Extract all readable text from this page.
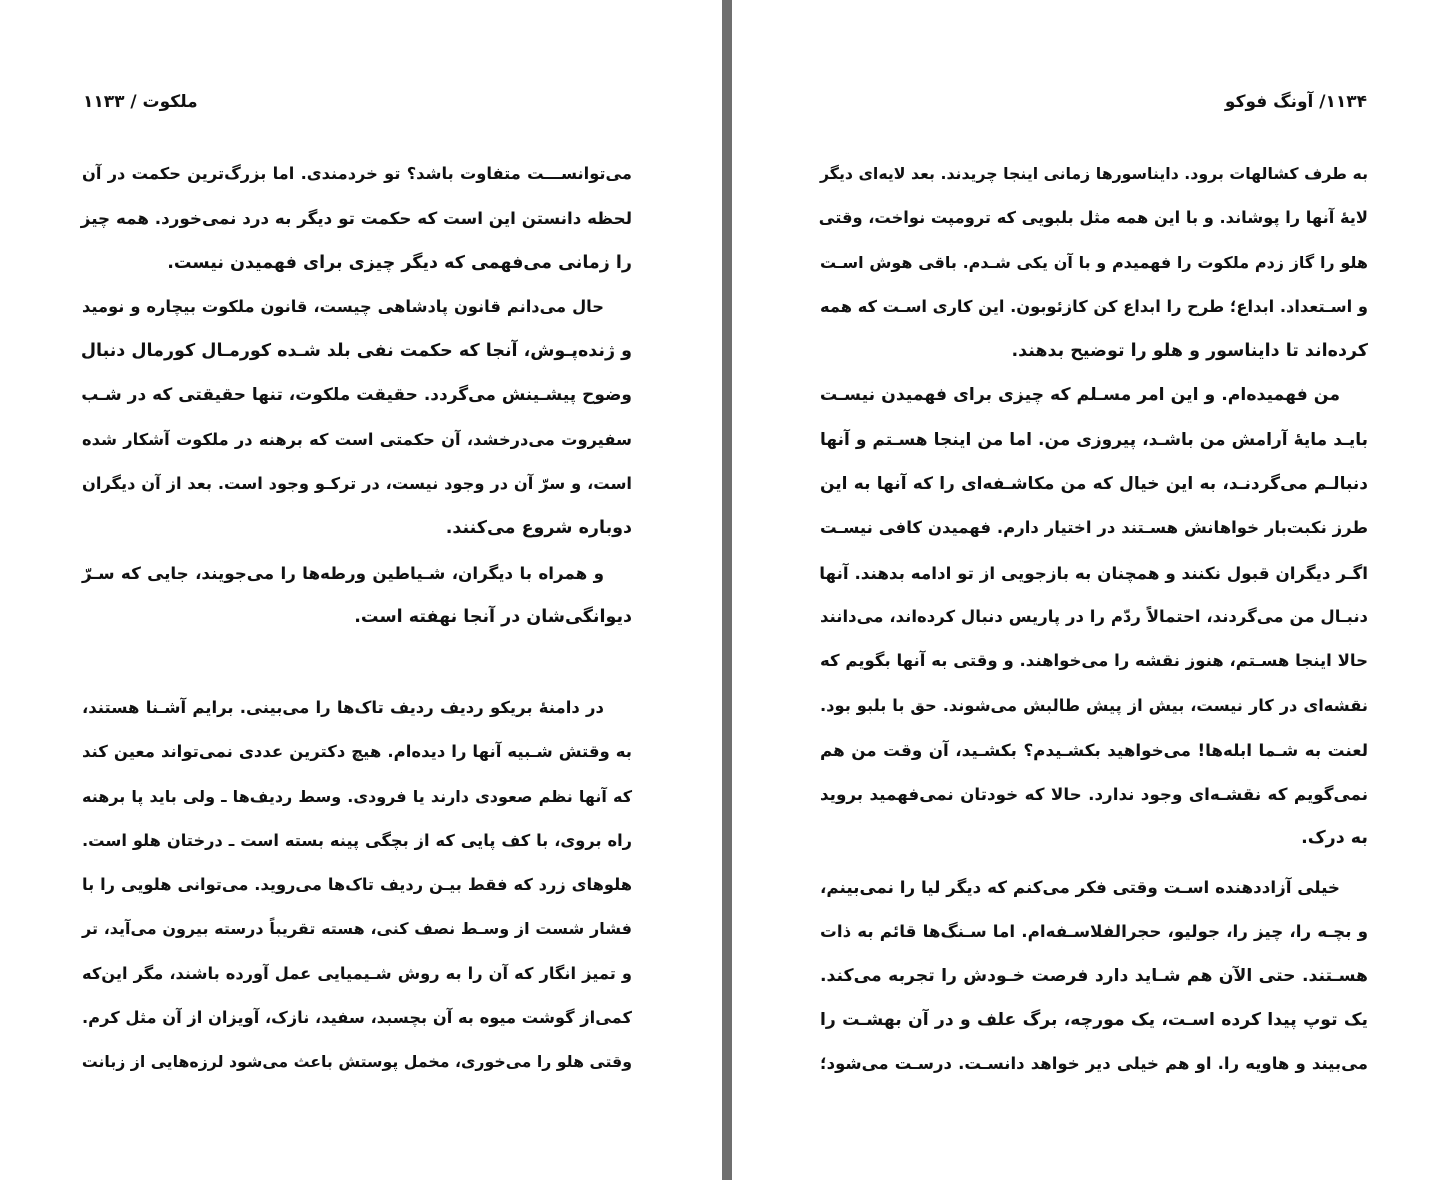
ملکوت / ۱۱۳۳
می‌توانســـت متفاوت باشد؟ تو خردمندی. اما بزرگ‌ترین حکمت در آن
لحظه دانستن این است که حکمت تو دیگر به درد نمی‌خورد. همه چیز
را زمانی می‌فهمی که دیگر چیزی برای فهمیدن نیست.
حال می‌دانم قانون پادشاهی چیست، قانون ملکوت بیچاره و نومید
و ژنده‌پـوش، آنجا که حکمت نفی بلد شـده کورمـال کورمال دنبال
وضوح پیشـینش می‌گردد. حقیقت ملکوت، تنها حقیقتی که در شـب
سفیروت می‌درخشد، آن حکمتی است که برهنه در ملکوت آشکار شده
است، و سرّ آن در وجود نیست، در ترکـو وجود است. بعد از آن دیگران
دوباره شروع می‌کنند.
و همراه با دیگران، شـیاطین ورطه‌ها را می‌جویند، جایی که سـرّ
دیوانگی‌شان در آنجا نهفته است.
در دامنهٔ بریکو ردیف ردیف تاک‌ها را می‌بینی. برایم آشـنا هستند،
به وقتش شـبیه آنها را دیده‌ام. هیچ دکترین عددی نمی‌تواند معین کند
که آنها نظم صعودی دارند یا فرودی. وسط ردیف‌ها ـ ولی باید پا برهنه
راه بروی، با کف پایی که از بچگی پینه بسته است ـ درختان هلو است.
هلوهای زرد که فقط بیـن ردیف تاک‌ها می‌روید. می‌توانی هلویی را با
فشار شست از وسـط نصف کنی، هسته تقریباً درسته بیرون می‌آید، تر
و تمیز انگار که آن را به روش شـیمیایی عمل آورده باشند، مگر این‌که
کمی‌از گوشت میوه به آن بچسبد، سفید، نازک، آویزان از آن مثل کرم.
وقتی هلو را می‌خوری، مخمل پوستش باعث می‌شود لرزه‌هایی از زبانت
۱۱۳۴/ آونگ فوکو
به طرف کشالهات برود. دایناسورها زمانی اینجا چریدند. بعد لایه‌ای دیگر
لایهٔ آنها را پوشاند. و با این همه مثل بلبویی که ترومپت نواخت، وقتی
هلو را گاز زدم ملکوت را فهمیدم و با آن یکی شـدم. باقی هوش اسـت
و اسـتعداد. ابداع؛ طرح را ابداع کن کازئوبون. این کاری اسـت که همه
کرده‌اند تا دایناسور و هلو را توضیح بدهند.
من فهمیده‌ام. و این امر مسـلم که چیزی برای فهمیدن نیسـت
بایـد مایهٔ آرامش من باشـد، پیروزی من. اما من اینجا هسـتم و آنها
دنبالـم می‌گردنـد، به این خیال که من مکاشـفه‌ای را که آنها به این
طرز نکبت‌بار خواهانش هسـتند در اختیار دارم. فهمیدن کافی نیسـت
اگـر دیگران قبول نکنند و همچنان به بازجویی از تو ادامه بدهند. آنها
دنبـال من می‌گردند، احتمالاً ردّم را در پاریس دنبال کرده‌اند، می‌دانند
حالا اینجا هسـتم، هنوز نقشه را می‌خواهند. و وقتی به آنها بگویم که
نقشه‌ای در کار نیست، بیش از پیش طالبش می‌شوند. حق با بلبو بود.
لعنت به شـما ابله‌ها! می‌خواهید بکشـیدم؟ بکشـید، آن وقت من هم
نمی‌گویم که نقشـه‌ای وجود ندارد. حالا که خودتان نمی‌فهمید بروید
به درک.
خیلی آزاددهنده اسـت وقتی فکر می‌کنم که دیگر لیا را نمی‌بینم،
و بچـه را، چیز را، جولیو، حجرالفلاسـفه‌ام. اما سـنگ‌ها قائم به ذات
هسـتند. حتی الآن هم شـاید دارد فرصت خـودش را تجربه می‌کند.
یک توپ پیدا کرده اسـت، یک مورچه، برگ علف و در آن بهشـت را
می‌بیند و هاویه را. او هم خیلی دیر خواهد دانسـت. درسـت می‌شود؛
